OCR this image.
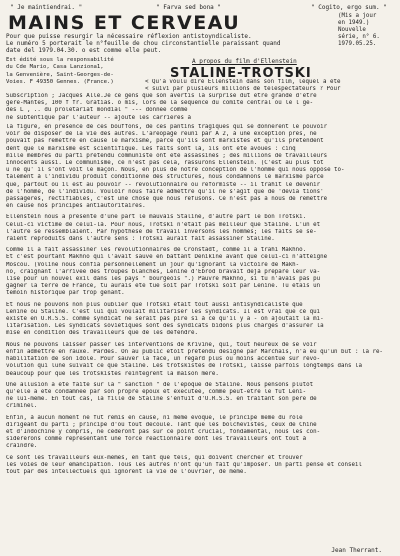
" Je maintiendrai. "	" Farva sed bona "	" Cogito, ergo sum. "
MAINS ET CERVEAU	(Mis a jour
en 1949.)
Nouvelle
série, n° 6.
1979.05.25.
Pour que puisse resurgir la nécessaire réflexion antistoyndicaliste.
Le numéro 5 porterait le n°feuille de chou circonstantielle paraissant quand
date del 1979.04.30. o est comme elle peut.
Est édité sous la responsabilité
du Cde Mario, Casa Lanziona1,
la Genvenière, Saint-Georges-de-
Voies. F 49350 Gennes. (France.)
A propos du film d'Ellenstein
STALINE-TROTSKI
< Qu'a voulu dire Ellenstein dans son film, lequel a été
< suivi par plusieurs millions de téléspectateurs ? Pour
Subscription ; Jacques Alle.Je ce gens que son avertis la surprise dut être grande d'être
gere-Mantes, 100 f fr. Gratias. o mis, lors de la séquence du comité central où le l gé-
des L , .. du prolétariat mondial " --- donnée comme
ne subtentique par l'auteur -- ajouté les carrières à

la figure, en présence de ces bouffons, de ces pantins tragiques qui se donnèrent le pouvoir
voir de disposer de la vie des autres. L'aréopage réuni par A 2, à une exception près, ne
pouvait pas remettre en cause le marxisme, parce qu'ils sont marxistes et qu'ils prétendent
dent que le marxisme est scientifique. Les faits sont là, ils ont été avoués : cinq
mille membres du parti prétendu communiste ont été assassinés ; des millions de travailleurs
innocents aussi. Le communisme, ce n'est pas cela, rassurons Ellenstein. (C'est au plus tôt
u ne qu' il s'ont voit le maçon. Nous, en plus de notre conception de l'homme qui nous oppose to-
talement à l'individu produit conditionné des structures, nous condamnons le marxisme parce
que, partout où il est au pouvoir -- révolutionnaire ou réformiste -- il trahit le devenir
de l'homme, de l'individu. Vouloir nous faire admettre qu'il ne s'agit que de 'dévia tions'
passagères, rectifiables, c'est une chose que nous refusons. Ce n'est pas à nous de remettre
en cause nos principes antiautoritaires.

Ellenstein nous a présenté d'une part le mauvais Staline, d'autre part le bon Trotski.
Celui-ci victime de celui-là. Pour nous, Trotski n'était pas meilleur que Staline. L'un et
l'autre se ressemblaient. Par hypothèse de travail inversons les hommes; les faits se se-
raient reproduits dans l'autre sens : Trotski aurait fait assassiner Staline.

Comme il a fait assassiner les révolutionnaires de Cronstadt, comme il a trahi Makhno.
Et c'est pourtant Makhno qui l'avait sauvé en battant Denikine avant que celui-ci n'atteigne
Moscou. (Voline nous confia personnellement un jour qu'ignorant la victoire de Makh-
no, craignant l'arrivée des troupes blanches, Lénine d'Ebrod bravait déjà préparé leur va-
lise pour un nouvel exil dans les pays " bourgeois ".) Pauvre Makhno, si tu n'avais pas pu
gagner la terre de France, tu aurais été tué soit par Trotski soit par Lénine. Tu étais un
témoin historique par trop gênant.

Et nous ne pouvons non plus oublier que Trotski était tout aussi antisyndicaliste que
Lénine ou Staline. C'est lui qui voulait militariser les syndicats. Il est vrai que ce qui
existe en U.R.S.S. comme syndicat ne serait pas pire si à ce qu'il y a - on ajoutait la mi-
litarisation. Les syndicats soviétiques sont des syndicats bidons plus chargés d'assurer la
mise en condition des travailleurs que de les défendre.

Nous ne pouvons laisser passer les interventions de Krivine, qui, tout heureux de se voir
enfin admettre en rauxe. Pardes. On au public étoit prétendu désigné par Marchais, n'a eu qu'un but : la ré-
habilitation de son idole. Pour sauver la face, un regard plus ou moins accentué sur révo-
volution qui lune suivait ce que Staline. Les trotskistes de Trotski, laissé parfois longtemps dans la
beaucoup pour que les trotskistes réintègrent la maison mère.

Une allusion a été faite sur la " sanction " de l'époque de Staline. Nous pensons plutôt
qu'elle a été condamnée par son propre époux et exécutée, comme peut-être le fut Léni-
ne lui-même. En tout cas, la fille de Staline s'enfuit d'U.R.S.S. en traitant son père de
criminel.

Enfin, à aucun moment ne fut remis en cause, ni même évoqué, le principe même du rôle
dirigeant du parti ; principe d'où tout découle. Tant que les bolchevistes, ceux de Chine
et d'Indochine y compris, ne céderont pas sur ce point crucial, fondamental, nous les con-
sidérerons comme représentant une force réactionnaire dont les travailleurs ont tout à
craindre.

Ce sont les travailleurs eux-mêmes, en tant que tels, qui doivent chercher et trouver
les voies de leur émancipation. Tous les autres n'ont qu'un fait qu'imposer. Un parti pensé et conseil
tout par des intellectuels qui ignorent la vie de l'ouvrier, de même.

Jean Therrant.
